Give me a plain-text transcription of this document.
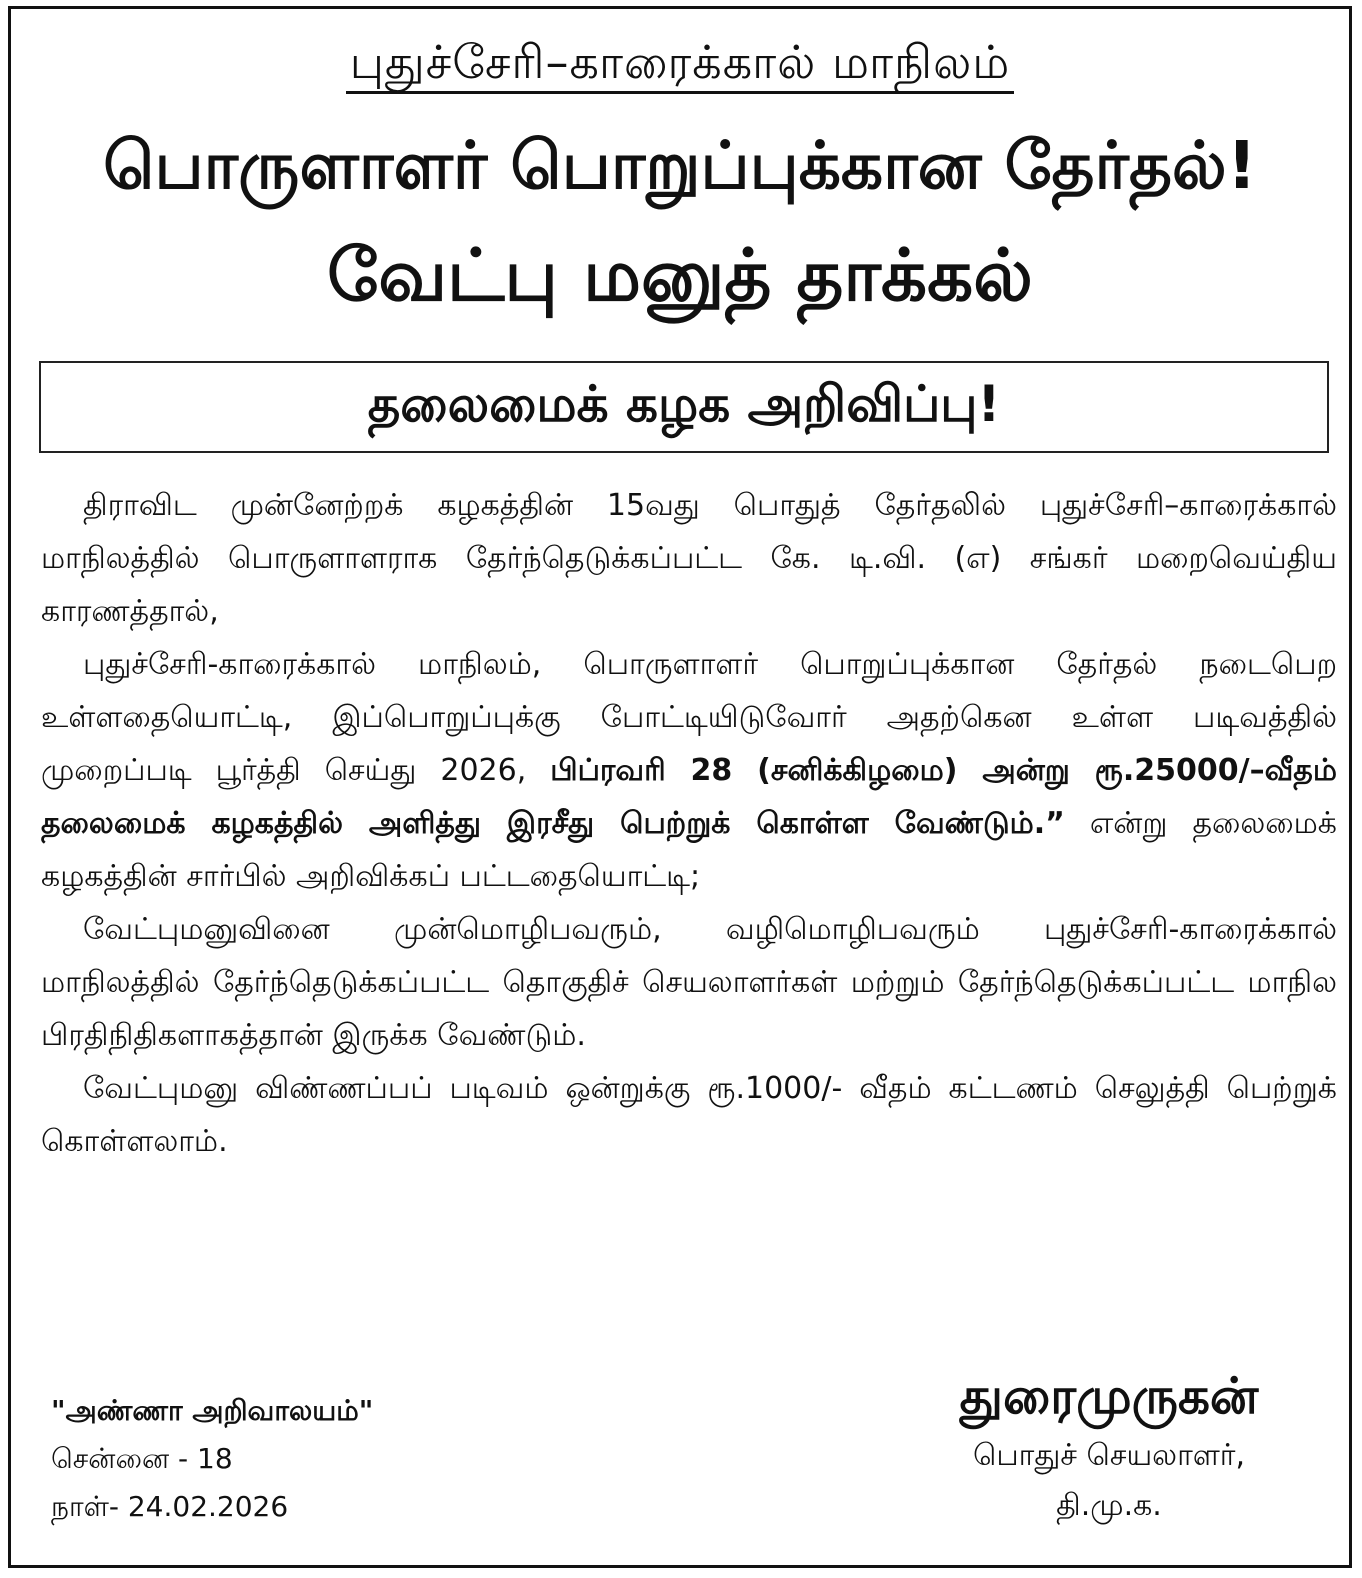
புதுச்சேரி–காரைக்கால் மாநிலம்
பொருளாளர் பொறுப்புக்கான தேர்தல்!
வேட்பு மனுத் தாக்கல்
தலைமைக் கழக அறிவிப்பு!

திராவிட முன்னேற்றக் கழகத்தின் 15வது பொதுத் தேர்தலில் புதுச்சேரி–காரைக்கால் மாநிலத்தில் பொருளாளராக தேர்ந்தெடுக்கப்பட்ட கே. டி.வி. (எ) சங்கர் மறைவெய்திய காரணத்தால்,

புதுச்சேரி-காரைக்கால் மாநிலம், பொருளாளர் பொறுப்புக்கான தேர்தல் நடைபெற உள்ளதையொட்டி, இப்பொறுப்புக்கு போட்டியிடுவோர் அதற்கென உள்ள படிவத்தில் முறைப்படி பூர்த்தி செய்து 2026, பிப்ரவரி 28 (சனிக்கிழமை) அன்று ரூ.25000/–வீதம் தலைமைக் கழகத்தில் அளித்து இரசீது பெற்றுக் கொள்ள வேண்டும்.” என்று தலைமைக் கழகத்தின் சார்பில் அறிவிக்கப் பட்டதையொட்டி;

வேட்புமனுவினை முன்மொழிபவரும், வழிமொழிபவரும் புதுச்சேரி-காரைக்கால் மாநிலத்தில் தேர்ந்தெடுக்கப்பட்ட தொகுதிச் செயலாளர்கள் மற்றும் தேர்ந்தெடுக்கப்பட்ட மாநில பிரதிநிதிகளாகத்தான் இருக்க வேண்டும்.

வேட்புமனு விண்ணப்பப் படிவம் ஒன்றுக்கு ரூ.1000/- வீதம் கட்டணம் செலுத்தி பெற்றுக் கொள்ளலாம்.

"அண்ணா அறிவாலயம்"
சென்னை - 18
நாள்- 24.02.2026
துரைமுருகன்
பொதுச் செயலாளர்,
தி.மு.க.
